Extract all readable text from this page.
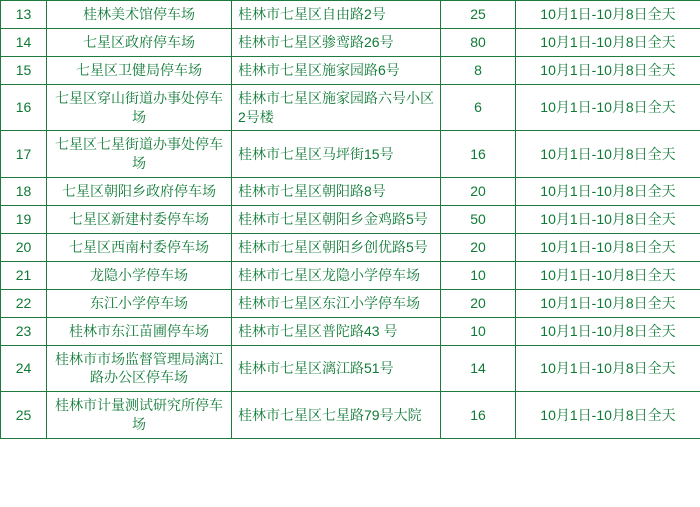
13	桂林美术馆停车场	桂林市七星区自由路2号	25	10月1日-10月8日全天
14	七星区政府停车场	桂林市七星区骖鸾路26号	80	10月1日-10月8日全天
15	七星区卫健局停车场	桂林市七星区施家园路6号	8	10月1日-10月8日全天
16	七星区穿山街道办事处停车场	桂林市七星区施家园路六号小区2号楼	6	10月1日-10月8日全天
17	七星区七星街道办事处停车场	桂林市七星区马坪街15号	16	10月1日-10月8日全天
18	七星区朝阳乡政府停车场	桂林市七星区朝阳路8号	20	10月1日-10月8日全天
19	七星区新建村委停车场	桂林市七星区朝阳乡金鸡路5号	50	10月1日-10月8日全天
20	七星区西南村委停车场	桂林市七星区朝阳乡创优路5号	20	10月1日-10月8日全天
21	龙隐小学停车场	桂林市七星区龙隐小学停车场	10	10月1日-10月8日全天
22	东江小学停车场	桂林市七星区东江小学停车场	20	10月1日-10月8日全天
23	桂林市东江苗圃停车场	桂林市七星区普陀路43 号	10	10月1日-10月8日全天
24	桂林市市场监督管理局漓江路办公区停车场	桂林市七星区漓江路51号	14	10月1日-10月8日全天
25	桂林市计量测试研究所停车场	桂林市七星区七星路79号大院	16	10月1日-10月8日全天
